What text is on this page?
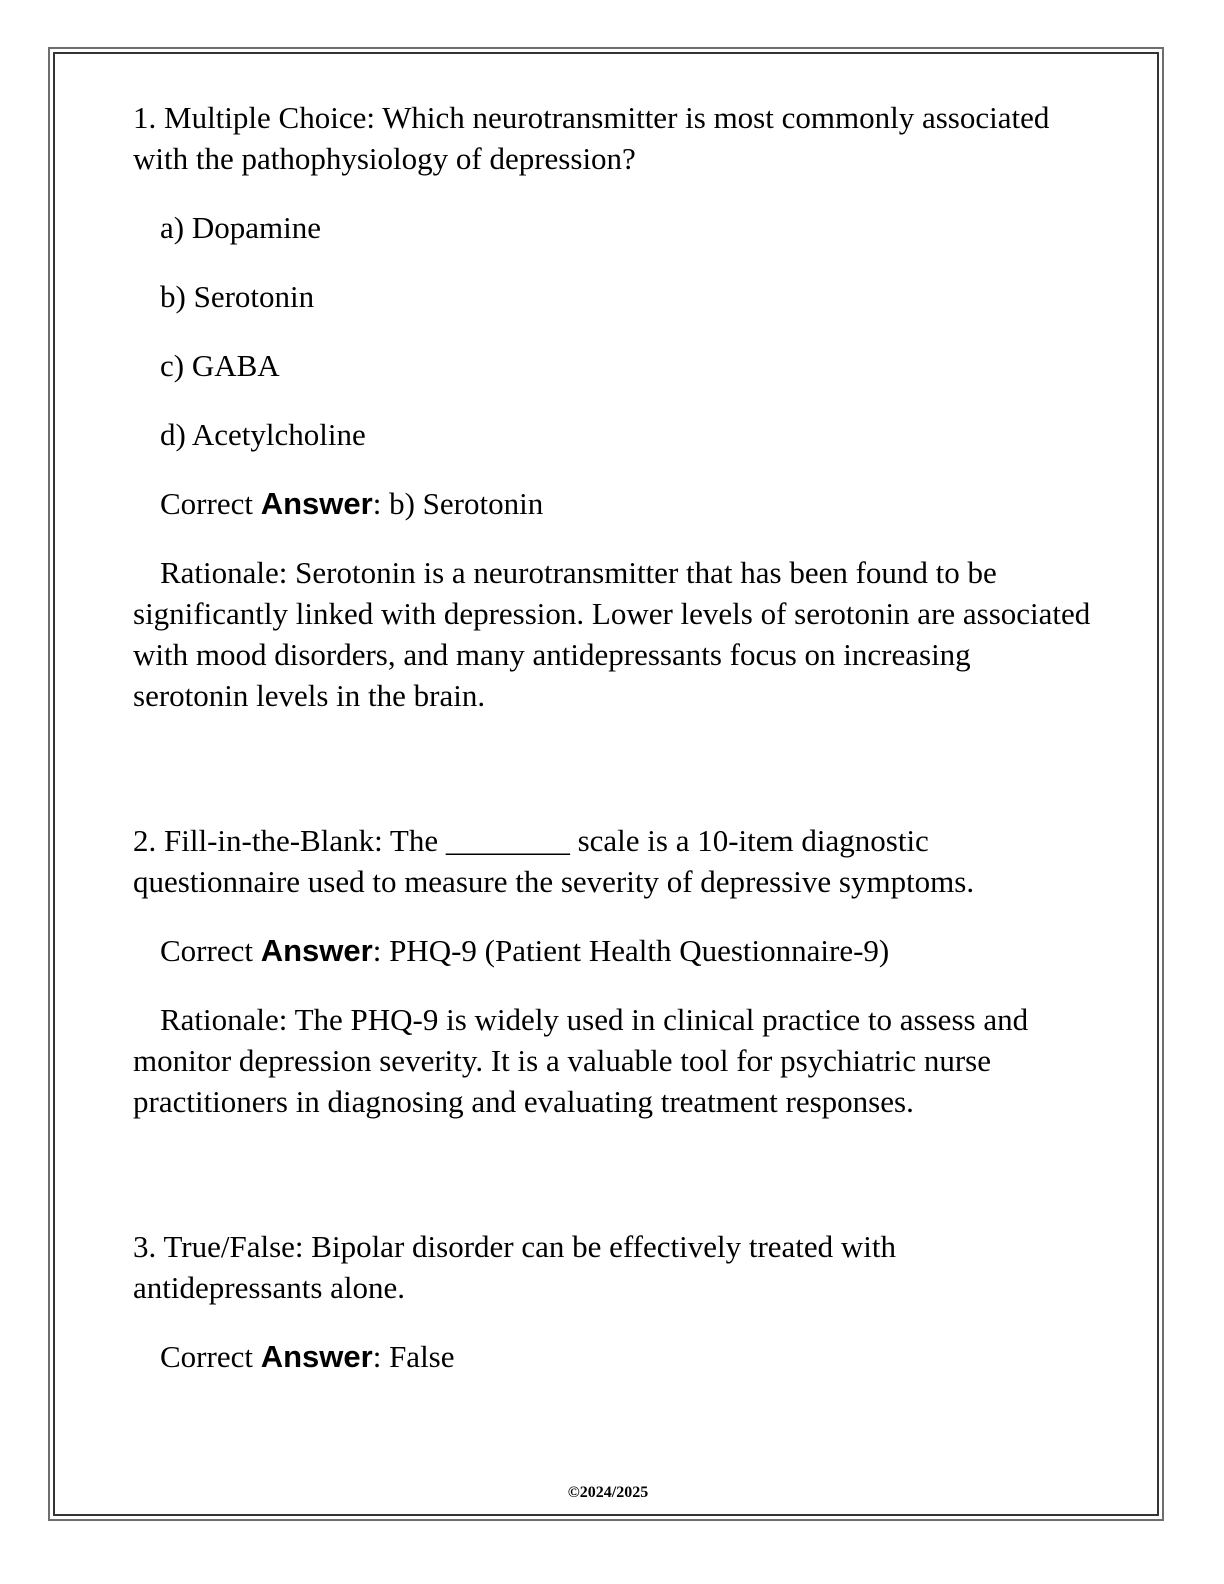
1. Multiple Choice: Which neurotransmitter is most commonly associated with the pathophysiology of depression?

a) Dopamine

b) Serotonin

c) GABA

d) Acetylcholine

Correct Answer: b) Serotonin

Rationale: Serotonin is a neurotransmitter that has been found to be significantly linked with depression. Lower levels of serotonin are associated with mood disorders, and many antidepressants focus on increasing serotonin levels in the brain.

2. Fill-in-the-Blank: The ________ scale is a 10-item diagnostic questionnaire used to measure the severity of depressive symptoms.

Correct Answer: PHQ-9 (Patient Health Questionnaire-9)

Rationale: The PHQ-9 is widely used in clinical practice to assess and monitor depression severity. It is a valuable tool for psychiatric nurse practitioners in diagnosing and evaluating treatment responses.

3. True/False: Bipolar disorder can be effectively treated with antidepressants alone.

Correct Answer: False

©2024/2025
